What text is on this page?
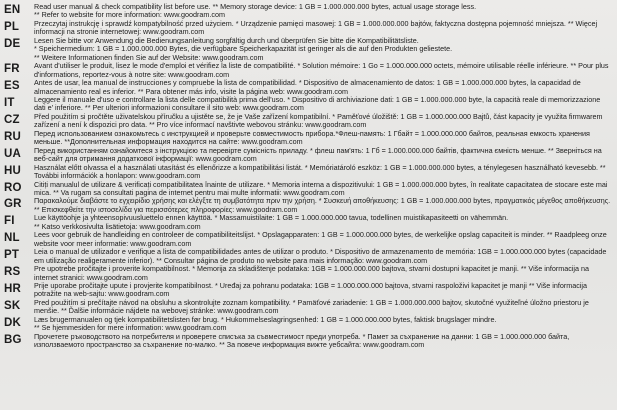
EN	Read user manual & check compatibility list before use. ** Memory storage device: 1 GB = 1.000.000.000 bytes, actual usage storage less.
** Refer to website for more information: www.goodram.com
PL	Przeczytaj instrukcję i sprawdź kompatybilność przed użyciem. * Urządzenie pamięci masowej: 1 GB = 1.000.000.000 bajtów, faktyczna dostępna pojemność mniejsza. ** Więcej informacji na stronie internetowej: www.goodram.com
DE	Lesen Sie bitte vor Anwendung die Bedienungsanleitung sorgfältig durch und überprüfen Sie bitte die Kompatibilitätsliste.
* Speichermedium: 1 GB = 1.000.000.000 Bytes, die verfügbare Speicherkapazität ist geringer als die auf den Produkten geliestete.
** Weitere Informationen finden Sie auf der Website: www.goodram.com
FR	Avant d'utiliser le produit, lisez le mode d'emploi et vérifiez la liste de compatibilité. * Solution mémoire: 1 Go = 1.000.000.000 octets, mémoire utilisable réelle inférieure. ** Pour plus d'informations, reportez-vous à notre site: www.goodram.com
ES	Antes de usar, lea manual de instrucciones y compruebe la lista de compatibilidad. * Dispositivo de almacenamiento de datos: 1 GB = 1.000.000.000 bytes, la capacidad de almacenamiento real es inferior. ** Para obtener más info, visite la página web: www.goodram.com
IT	Leggere il manuale d'uso e controllare la lista delle compatibilità prima dell'uso. * Dispositivo di archiviazione dati: 1 GB = 1.000.000.000 byte, la capacità reale di memorizzazione dati e' inferiore. ** Per ulteriori informazioni consultare il sito web: www.goodram.com
CZ	Před použitím si pročtěte uživatelskou příručku a ujistěte se, že je Vaše zařízení kompatibilní. * Paměťové úložiště: 1 GB = 1.000.000.000 Bajtů, část kapacity je využita firmwarem zařízení a není k dispozici pro data. ** Pro více informací navštivte webovou stránku: www.goodram.com
RU	Перед использованием ознакомьтесь с инструкцией и проверьте совместимость прибора.*Флеш-память: 1 Гбайт = 1.000.000.000 байтов, реальная емкость хранения меньше. **Дополнительная информация находится на сайте: www.goodram.com
UA	Перед використанням ознайомтеся з інструкцією та перевірте сумісність приладу. * флеш пам'ять: 1 Гб = 1.000.000.000 байтів, фактична ємність менше. ** Зверніться на веб-сайт для отримання додаткової інформації: www.goodram.com
HU	Használat előtt olvassa el a használati utasítást és ellenőrizze a kompatibilitási listát. * Memóriatároló eszköz: 1 GB = 1.000.000.000 bytes, a ténylegesen használható kevesebb. ** További információk a honlapon: www.goodram.com
RO	Citiți manualul de utilizare & verificați compatibilitatea înainte de utilizare. * Memoria interna a dispozitivului: 1 GB = 1.000.000.000 bytes, în realitate capacitatea de stocare este mai mica. ** Va rugam sa consultati pagina de internet pentru mai multe informatii: www.goodram.com
GR	Παρακαλούμε διαβάστε το εγχειρίδιο χρήσης και ελέγξτε τη συμβατότητα πριν την χρήση. * Συσκευή αποθήκευσης: 1 GB = 1.000.000.000 bytes, πραγματικός μέγεθος αποθήκευσης. ** Επισκεφθείτε την ιστοσελίδα για περισσότερες πληροφορίες: www.goodram.com
FI	Lue käyttöohje ja yhteensopivuusluettelo ennen käyttöä. * Massamuistilaite: 1 GB = 1.000.000.000 tavua, todellinen muistikapasiteetti on vähemmän.
** Katso verkkosivulta lisätietoja: www.goodram.com
NL	Lees voor gebruik de handleiding en controleer de compatibiliteitslijst. * Opslagapparaten: 1 GB = 1.000.000.000 bytes, de werkelijke opslag capaciteit is minder. ** Raadpleeg onze website voor meer informatie: www.goodram.com
PT	Leia o manual de utilizador e verifique a lista de compatibilidades antes de utilizar o produto. * Dispositivo de armazenamento de memória: 1GB = 1.000.000.000 bytes (capacidade em utilização realigeramente inferior). ** Consultar página de produto no website para mais informação: www.goodram.com
RS	Pre upotrebe pročitajte i proverite kompatibilnost. * Memorija za skladištenje podataka: 1GB = 1.000.000.000 bajtova, stvarni dostupni kapacitet je manji. ** Više informacija na internet stranici: www.goodram.com
HR	Prije uporabe pročitajte upute i provjerite kompatibilnost. * Uređaj za pohranu podataka: 1GB = 1.000.000.000 bajtova, stvarni raspoloživi kapacitet je manji ** Više informacija potražite na web-sajtu: www.goodram.com
SK	Pred použitím si prečítajte návod na obsluhu a skontrolujte zoznam kompatibility. * Pamäťové zariadenie: 1 GB = 1.000.000.000 bajtov, skutočné využiteľné úložno priestoru je menšie. ** Ďalšie informácie nájdete na webovej stránke: www.goodram.com
DK	Læs brugermanualen og tjek kompatibilitetslisten før brug. * Hukommelseslagringsenhed: 1 GB = 1.000.000.000 bytes, faktisk brugslager mindre.
** Se hjemmesiden for mere information: www.goodram.com
BG	Прочетете ръководството на потребителя и проверете списъка за съвместимост преди употреба. * Памет за съхранение на данни: 1 GB = 1.000.000.000 байта, използваемото пространство за съхранение по-малко. ** За повече информация вижте уебсайта: www.goodram.com
